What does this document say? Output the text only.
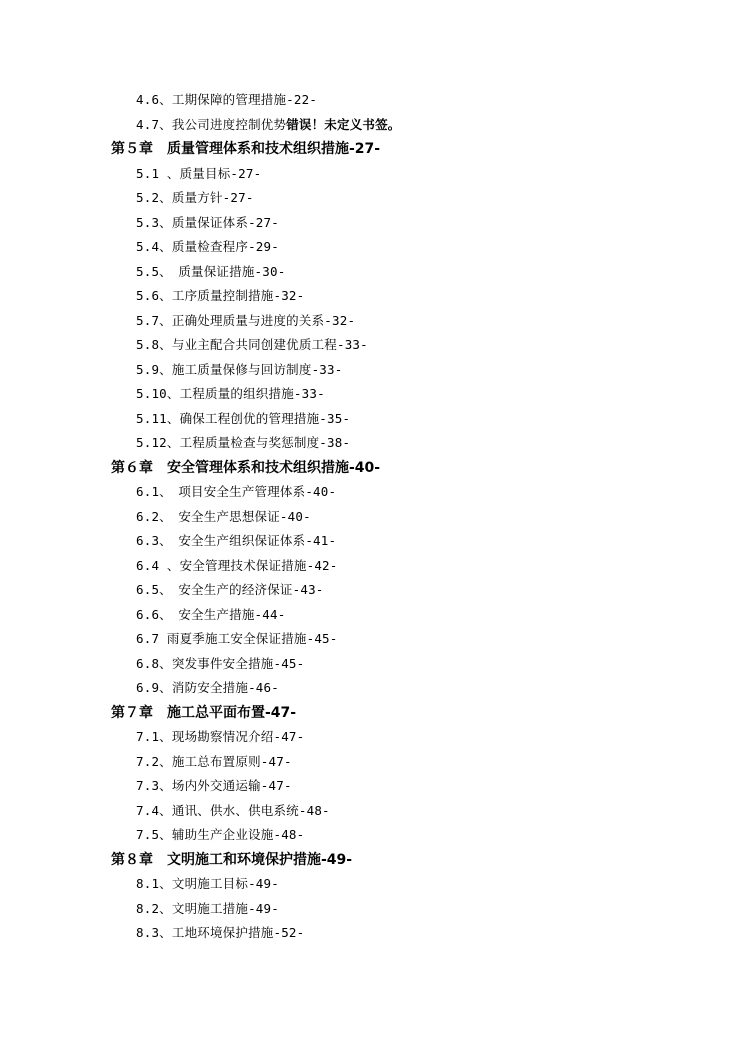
4.6、工期保障的管理措施-22-
4.7、我公司进度控制优势错误！未定义书签。
第５章　质量管理体系和技术组织措施-27-
5.1 、质量目标-27-
5.2、质量方针-27-
5.3、质量保证体系-27-
5.4、质量检查程序-29-
5.5、　质量保证措施-30-
5.6、工序质量控制措施-32-
5.7、正确处理质量与进度的关系-32-
5.8、与业主配合共同创建优质工程-33-
5.9、施工质量保修与回访制度-33-
5.10、工程质量的组织措施-33-
5.11、确保工程创优的管理措施-35-
5.12、工程质量检查与奖惩制度-38-
第６章　安全管理体系和技术组织措施-40-
6.1、　项目安全生产管理体系-40-
6.2、　安全生产思想保证-40-
6.3、　安全生产组织保证体系-41-
6.4 、安全管理技术保证措施-42-
6.5、　安全生产的经济保证-43-
6.6、　安全生产措施-44-
6.7 雨夏季施工安全保证措施-45-
6.8、突发事件安全措施-45-
6.9、消防安全措施-46-
第７章　施工总平面布置-47-
7.1、现场勘察情况介绍-47-
7.2、施工总布置原则-47-
7.3、场内外交通运输-47-
7.4、通讯、供水、供电系统-48-
7.5、辅助生产企业设施-48-
第８章　文明施工和环境保护措施-49-
8.1、文明施工目标-49-
8.2、文明施工措施-49-
8.3、工地环境保护措施-52-
